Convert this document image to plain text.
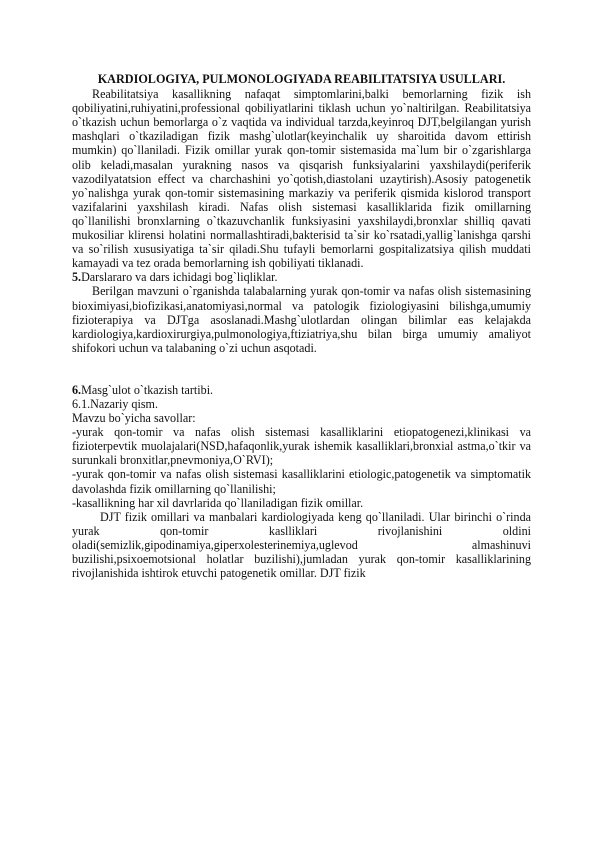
KARDIOLOGIYA, PULMONOLOGIYADA REABILITATSIYA USULLARI.

Reabilitatsiya kasallikning nafaqat simptomlarini,balki bemorlarning fizik ish qobiliyatini,ruhiyatini,professional qobiliyatlarini tiklash uchun yo`naltirilgan. Reabilitatsiya o`tkazish uchun bemorlarga o`z vaqtida va individual tarzda,keyinroq DJT,belgilangan yurish mashqlari o`tkaziladigan fizik mashg`ulotlar(keyinchalik uy sharoitida davom ettirish mumkin) qo`llaniladi. Fizik omillar yurak qon-tomir sistemasida ma`lum bir o`zgarishlarga olib keladi,masalan yurakning nasos va qisqarish funksiyalarini yaxshilaydi(periferik vazodilyatatsion effect va charchashini yo`qotish,diastolani uzaytirish).Asosiy patogenetik yo`nalishga yurak qon-tomir sistemasining markaziy va periferik qismida kislorod transport vazifalarini yaxshilash kiradi. Nafas olish sistemasi kasalliklarida fizik omillarning qo`llanilishi bronxlarning o`tkazuvchanlik funksiyasini yaxshilaydi,bronxlar shilliq qavati mukosiliar klirensi holatini normallashtiradi,bakterisid ta`sir ko`rsatadi,yallig`lanishga qarshi va so`rilish xususiyatiga ta`sir qiladi.Shu tufayli bemorlarni gospitalizatsiya qilish muddati kamayadi va tez orada bemorlarning ish qobiliyati tiklanadi.

5.Darslararo va dars ichidagi bog`liqliklar.

Berilgan mavzuni o`rganishda talabalarning yurak qon-tomir va nafas olish sistemasining bioximiyasi,biofizikasi,anatomiyasi,normal va patologik fiziologiyasini bilishga,umumiy fizioterapiya va DJTga asoslanadi.Mashg`ulotlardan olingan bilimlar eas kelajakda kardiologiya,kardioxirurgiya,pulmonologiya,ftiziatriya,shu bilan birga umumiy amaliyot shifokori uchun va talabaning o`zi uchun asqotadi.

6.Masg`ulot o`tkazish tartibi.

6.1.Nazariy qism.

Mavzu bo`yicha savollar:

-yurak qon-tomir va nafas olish sistemasi kasalliklarini etiopatogenezi,klinikasi va fizioterpevtik muolajalari(NSD,hafaqonlik,yurak ishemik kasalliklari,bronxial astma,o`tkir va surunkali bronxitlar,pnevmoniya,O`RVI);

-yurak qon-tomir va nafas olish sistemasi kasalliklarini etiologic,patogenetik va simptomatik davolashda fizik omillarning qo`llanilishi;

-kasallikning har xil davrlarida qo`llaniladigan fizik omillar.

DJT fizik omillari va manbalari kardiologiyada keng qo`llaniladi. Ular birinchi o`rinda yurak qon-tomir kaslliklari rivojlanishini oldini oladi(semizlik,gipodinamiya,giperxolesterinemiya,uglevod almashinuvi buzilishi,psixoemotsional holatlar buzilishi),jumladan yurak qon-tomir kasalliklarining rivojlanishida ishtirok etuvchi patogenetik omillar. DJT fizik
